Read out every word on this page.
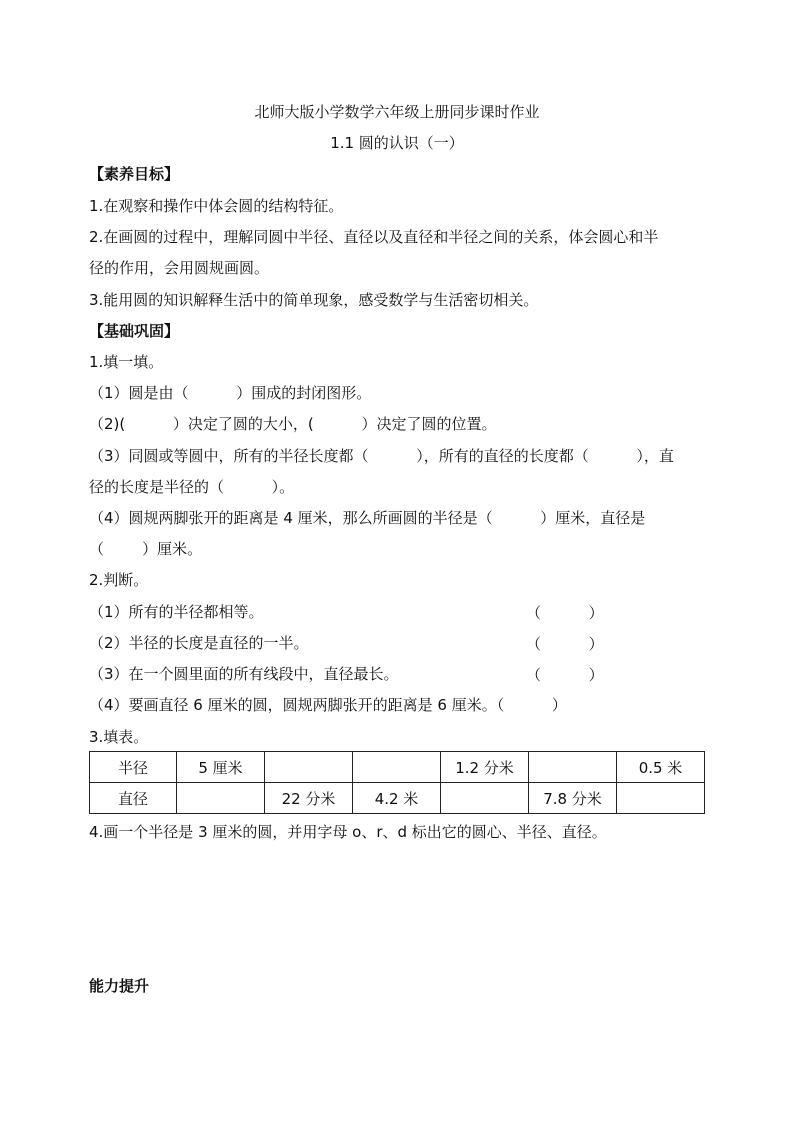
北师大版小学数学六年级上册同步课时作业
1.1 圆的认识（一）
【素养目标】
1.在观察和操作中体会圆的结构特征。
2.在画圆的过程中，理解同圆中半径、直径以及直径和半径之间的关系，体会圆心和半
径的作用，会用圆规画圆。
3.能用圆的知识解释生活中的简单现象，感受数学与生活密切相关。
【基础巩固】
1.填一填。
（1）圆是由（          ）围成的封闭图形。
（2)(          ）决定了圆的大小，(          ）决定了圆的位置。
（3）同圆或等圆中，所有的半径长度都（          ），所有的直径的长度都（          ），直
径的长度是半径的（          ）。
（4）圆规两脚张开的距离是 4 厘米，那么所画圆的半径是（          ）厘米，直径是
（        ）厘米。
2.判断。
（1）所有的半径都相等。	（          ）
（2）半径的长度是直径的一半。	（          ）
（3）在一个圆里面的所有线段中，直径最长。	（          ）
（4）要画直径 6 厘米的圆，圆规两脚张开的距离是 6 厘米。（          ）
3.填表。
半径	5 厘米			1.2 分米		0.5 米
直径		22 分米	4.2 米		7.8 分米	
4.画一个半径是 3 厘米的圆，并用字母 o、r、d 标出它的圆心、半径、直径。
能力提升
